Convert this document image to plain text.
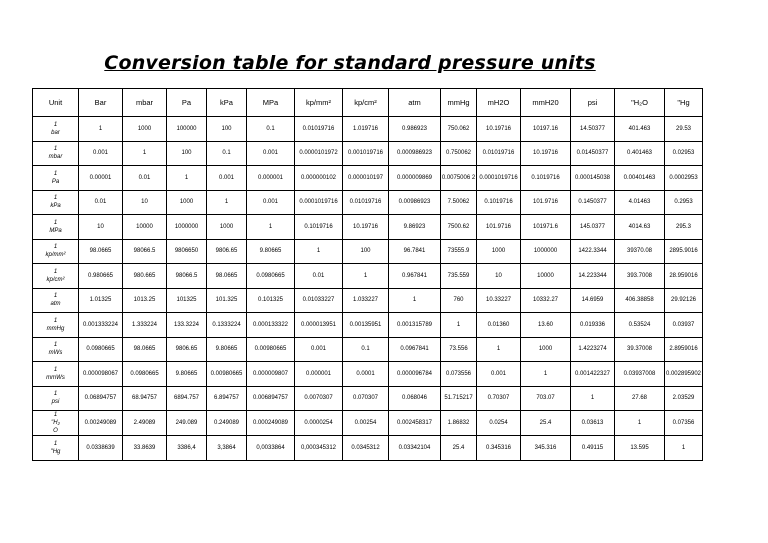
Conversion table for standard pressure units
Unit	Bar	mbar	Pa	kPa	MPa	kp/mm²	kp/cm²	atm	mmHg	mH2O	mmH20	psi	"H₂O	"Hg

1
bar	1	1000	100000	100	0.1	0.01019716	1.019716	0.986923	750.062	10.19716	10197.16	14.50377	401.463	29.53

1
mbar	0.001	1	100	0.1	0.001	0.0000101972	0.001019716	0.000986923	0.750062	0.01019716	10.19716	0.01450377	0.401463	0.02953

1
Pa	0.00001	0.01	1	0.001	0.000001	0.000000102	0.000010197	0.000009869	0.0075006 2	0.0001019716	0.1019716	0.000145038	0.00401463	0.0002953

1
kPa	0.01	10	1000	1	0.001	0.0001019716	0.01019716	0.00986923	7.50062	0.1019716	101.9716	0.1450377	4.01463	0.2953

1
MPa	10	10000	1000000	1000	1	0.1019716	10.19716	9.86923	7500.62	101.9716	101971.6	145.0377	4014.63	295.3

1
kp/mm²	98.0665	98066.5	9806650	9806.65	9.80665	1	100	96.7841	73555.9	1000	1000000	1422.3344	39370.08	2895.9016

1
kp/cm²	0.980665	980.665	98066.5	98.0665	0.0980665	0.01	1	0.967841	735.559	10	10000	14.223344	393.7008	28.959016

1
atm	1.01325	1013.25	101325	101.325	0.101325	0.01033227	1.033227	1	760	10.33227	10332.27	14.6959	406.38858	29.92126

1
mmHg	0.001333224	1.333224	133.3224	0.1333224	0.000133322	0.000013951	0.00135951	0.001315789	1	0.01360	13.60	0.019336	0.53524	0.03937

1
mWs	0.0980665	98.0665	9806.65	9.80665	0.00980665	0.001	0.1	0.0967841	73.556	1	1000	1.4223274	39.37008	2.8959016

1
mmWs	0.000098067	0.0980665	9.80665	0.00980665	0.000009807	0.000001	0.0001	0.000096784	0.073556	0.001	1	0.001422327	0.03937008	0.002895902

1
psi	0.06894757	68.94757	6894.757	6.894757	0.006894757	0.0070307	0.070307	0.068046	51.715217	0.70307	703.07	1	27.68	2.03529

1
"H₂
O	0.00249089	2.49089	249.089	0.249089	0.000249089	0.0000254	0.00254	0.002458317	1.86832	0.0254	25.4	0.03613	1	0.07356

1
"Hg	0.0338639	33.8639	3386,4	3,3864	0,0033864	0,000345312	0.0345312	0.03342104	25.4	0.345316	345.316	0.49115	13.595	1
